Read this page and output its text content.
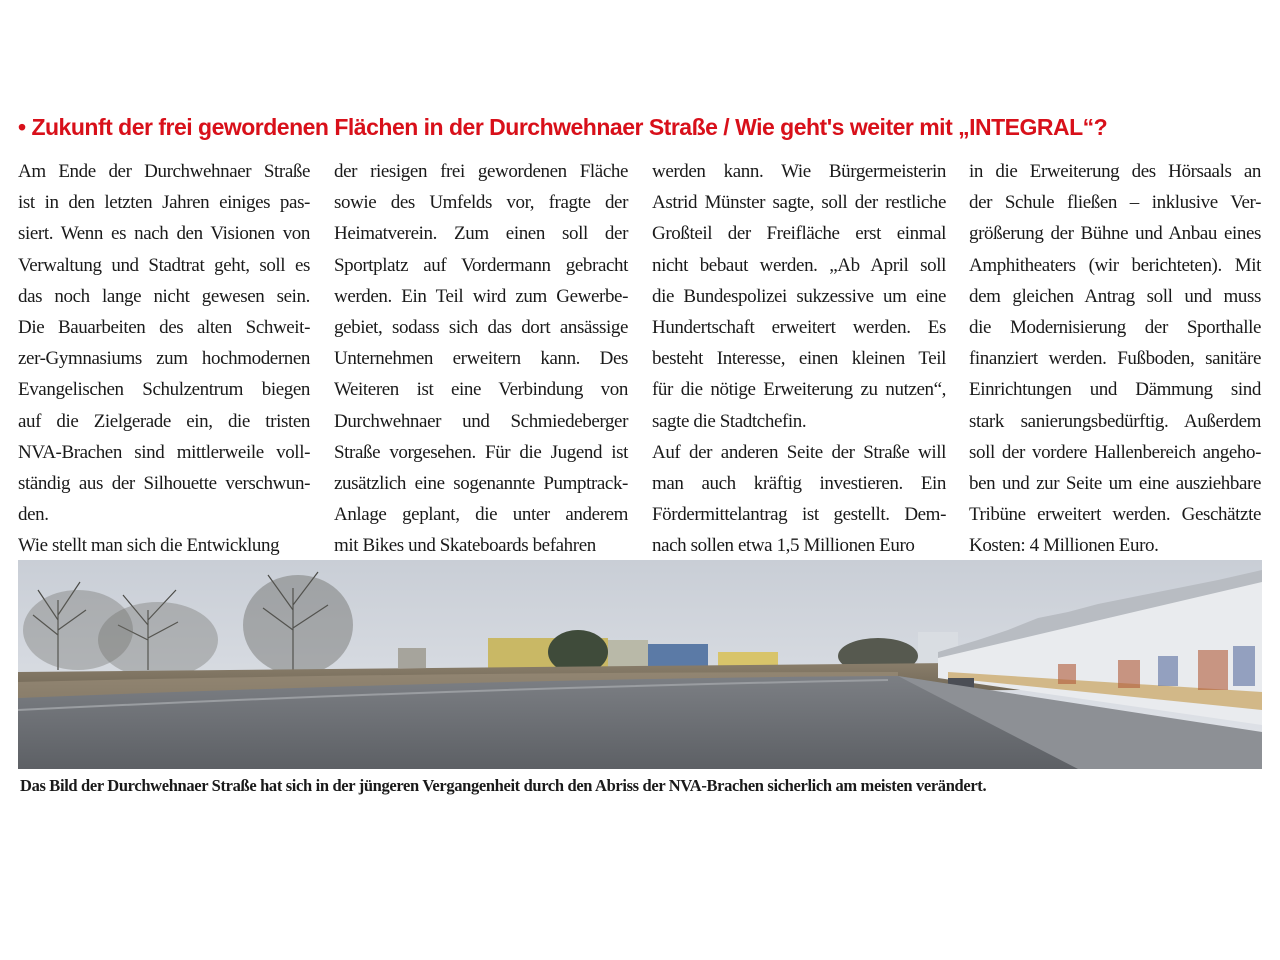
• Zukunft der frei gewordenen Flächen in der Durchwehnaer Straße / Wie geht's weiter mit „INTEGRAL“?
Am Ende der Durchwehnaer Straße
ist in den letzten Jahren einiges pas-
siert. Wenn es nach den Visionen von
Verwaltung und Stadtrat geht, soll es
das noch lange nicht gewesen sein.
Die Bauarbeiten des alten Schweit-
zer-Gymnasiums zum hochmodernen
Evangelischen Schulzentrum biegen
auf die Zielgerade ein, die tristen
NVA-Brachen sind mittlerweile voll-
ständig aus der Silhouette verschwun-
den.
Wie stellt man sich die Entwicklung
der riesigen frei gewordenen Fläche
sowie des Umfelds vor, fragte der
Heimatverein. Zum einen soll der
Sportplatz auf Vordermann gebracht
werden. Ein Teil wird zum Gewerbe-
gebiet, sodass sich das dort ansässige
Unternehmen erweitern kann. Des
Weiteren ist eine Verbindung von
Durchwehnaer und Schmiedeberger
Straße vorgesehen. Für die Jugend ist
zusätzlich eine sogenannte Pumptrack-
Anlage geplant, die unter anderem
mit Bikes und Skateboards befahren
werden kann. Wie Bürgermeisterin
Astrid Münster sagte, soll der restliche
Großteil der Freifläche erst einmal
nicht bebaut werden. „Ab April soll
die Bundespolizei sukzessive um eine
Hundertschaft erweitert werden. Es
besteht Interesse, einen kleinen Teil
für die nötige Erweiterung zu nutzen“,
sagte die Stadtchefin.
Auf der anderen Seite der Straße will
man auch kräftig investieren. Ein
Fördermittelantrag ist gestellt. Dem-
nach sollen etwa 1,5 Millionen Euro
in die Erweiterung des Hörsaals an
der Schule fließen – inklusive Ver-
größerung der Bühne und Anbau eines
Amphitheaters (wir berichteten). Mit
dem gleichen Antrag soll und muss
die Modernisierung der Sporthalle
finanziert werden. Fußboden, sanitäre
Einrichtungen und Dämmung sind
stark sanierungsbedürftig. Außerdem
soll der vordere Hallenbereich angeho-
ben und zur Seite um eine ausziehbare
Tribüne erweitert werden. Geschätzte
Kosten: 4 Millionen Euro.
Das Bild der Durchwehnaer Straße hat sich in der jüngeren Vergangenheit durch den Abriss der NVA-Brachen sicherlich am meisten verändert.
